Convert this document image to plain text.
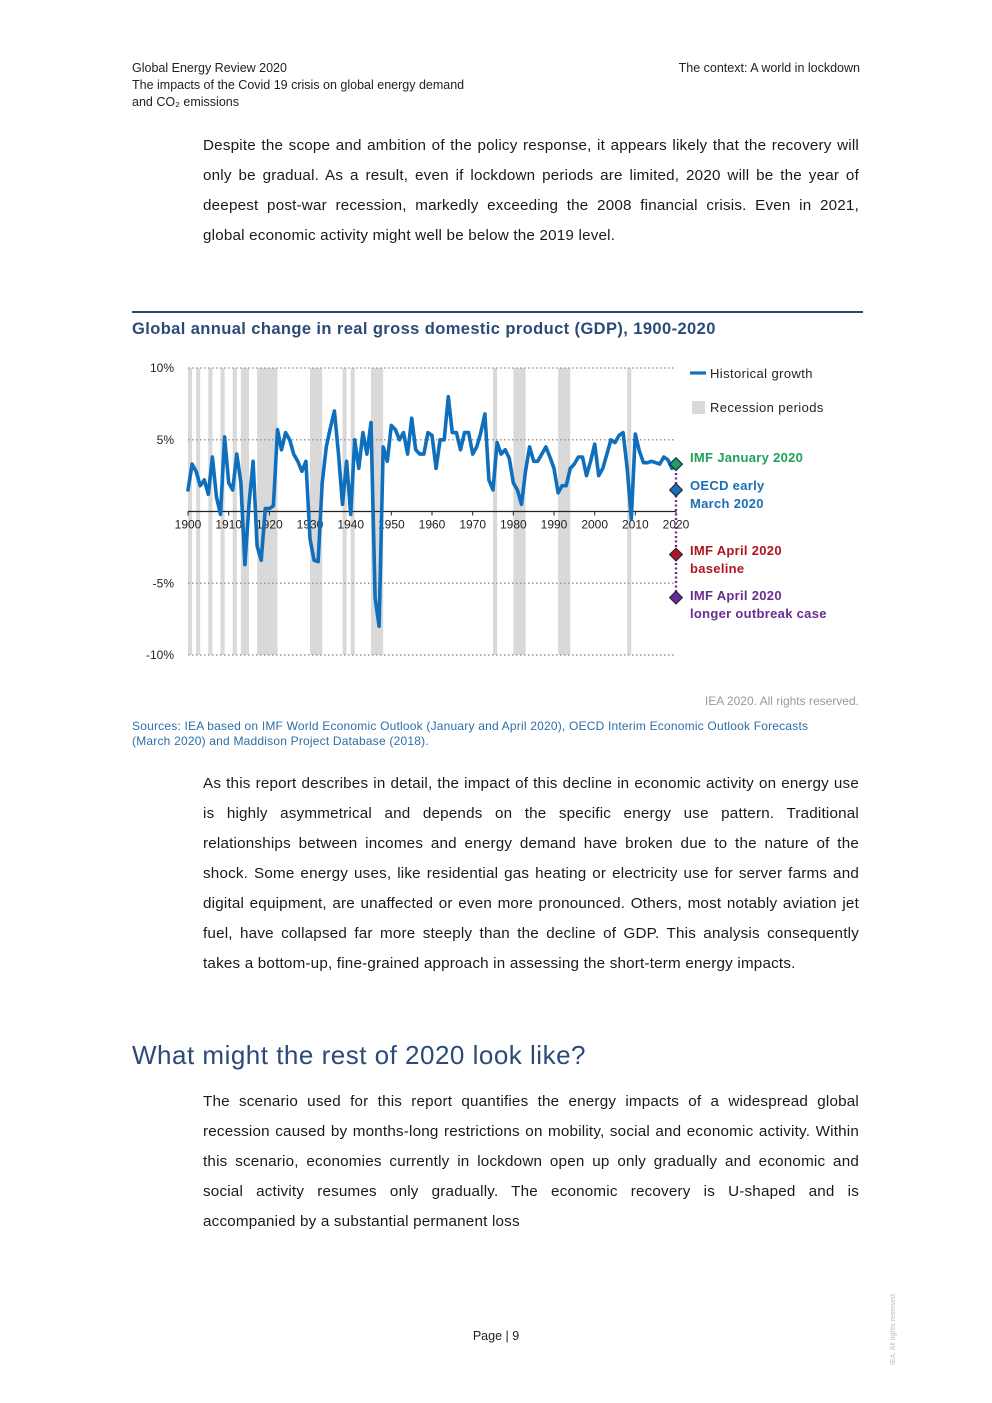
Global Energy Review 2020
The impacts of the Covid 19 crisis on global energy demand
and CO₂ emissions
The context: A world in lockdown

Despite the scope and ambition of the policy response, it appears likely that the recovery will only be gradual. As a result, even if lockdown periods are limited, 2020 will be the year of deepest post-war recession, markedly exceeding the 2008 financial crisis. Even in 2021, global economic activity might well be below the 2019 level.

Global annual change in real gross domestic product (GDP), 1900-2020
10%
5%
-5%
-10%
1900 1910 1920 1930 1940 1950 1960 1970 1980 1990 2000 2010 2020
IMF January 2020
OECD early
March 2020
IMF April 2020
baseline
IMF April 2020
longer outbreak case
Historical growth
Recession periods
IEA 2020. All rights reserved.
Sources: IEA based on IMF World Economic Outlook (January and April 2020), OECD Interim Economic Outlook Forecasts (March 2020) and Maddison Project Database (2018).

As this report describes in detail, the impact of this decline in economic activity on energy use is highly asymmetrical and depends on the specific energy use pattern. Traditional relationships between incomes and energy demand have broken due to the nature of the shock. Some energy uses, like residential gas heating or electricity use for server farms and digital equipment, are unaffected or even more pronounced. Others, most notably aviation jet fuel, have collapsed far more steeply than the decline of GDP. This analysis consequently takes a bottom-up, fine-grained approach in assessing the short-term energy impacts.

What might the rest of 2020 look like?

The scenario used for this report quantifies the energy impacts of a widespread global recession caused by months-long restrictions on mobility, social and economic activity. Within this scenario, economies currently in lockdown open up only gradually and economic and social activity resumes only gradually. The economic recovery is U-shaped and is accompanied by a substantial permanent loss

Page | 9	IEA. All rights reserved.
